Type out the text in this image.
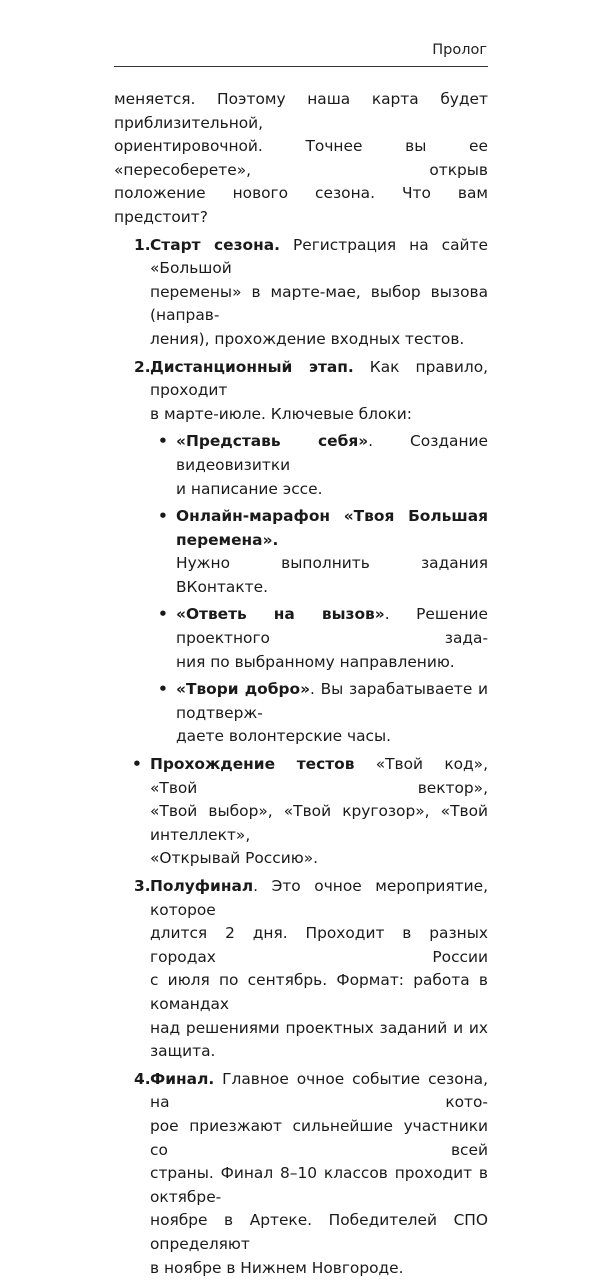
Пролог
меняется. Поэтому наша карта будет приблизительной,
ориентировочной. Точнее вы ее «пересоберете», открыв
положение нового сезона. Что вам предстоит?
1. Старт сезона. Регистрация на сайте «Большой
перемены» в марте-мае, выбор вызова (направ-
ления), прохождение входных тестов.
2. Дистанционный этап. Как правило, проходит
в марте-июле. Ключевые блоки:
• «Представь себя». Создание видеовизитки
и написание эссе.
• Онлайн-марафон «Твоя Большая перемена».
Нужно выполнить задания ВКонтакте.
• «Ответь на вызов». Решение проектного зада-
ния по выбранному направлению.
• «Твори добро». Вы зарабатываете и подтверж-
даете волонтерские часы.
• Прохождение тестов «Твой код», «Твой вектор»,
«Твой выбор», «Твой кругозор», «Твой интеллект»,
«Открывай Россию».
3. Полуфинал. Это очное мероприятие, которое
длится 2 дня. Проходит в разных городах России
с июля по сентябрь. Формат: работа в командах
над решениями проектных заданий и их защита.
4. Финал. Главное очное событие сезона, на кото-
рое приезжают сильнейшие участники со всей
страны. Финал 8–10 классов проходит в октябре-
ноябре в Артеке. Победителей СПО определяют
в ноябре в Нижнем Новгороде.
